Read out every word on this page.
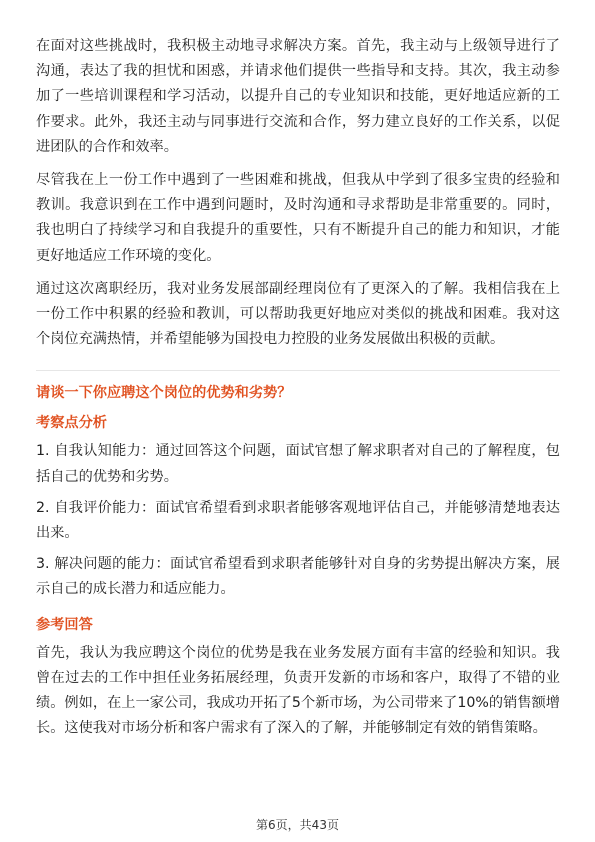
在面对这些挑战时，我积极主动地寻求解决方案。首先，我主动与上级领导进行了沟通，表达了我的担忧和困惑，并请求他们提供一些指导和支持。其次，我主动参加了一些培训课程和学习活动，以提升自己的专业知识和技能，更好地适应新的工作要求。此外，我还主动与同事进行交流和合作，努力建立良好的工作关系，以促进团队的合作和效率。

尽管我在上一份工作中遇到了一些困难和挑战，但我从中学到了很多宝贵的经验和教训。我意识到在工作中遇到问题时，及时沟通和寻求帮助是非常重要的。同时，我也明白了持续学习和自我提升的重要性，只有不断提升自己的能力和知识，才能更好地适应工作环境的变化。

通过这次离职经历，我对业务发展部副经理岗位有了更深入的了解。我相信我在上一份工作中积累的经验和教训，可以帮助我更好地应对类似的挑战和困难。我对这个岗位充满热情，并希望能够为国投电力控股的业务发展做出积极的贡献。

请谈一下你应聘这个岗位的优势和劣势？
考察点分析

1. 自我认知能力：通过回答这个问题，面试官想了解求职者对自己的了解程度，包括自己的优势和劣势。

2. 自我评价能力：面试官希望看到求职者能够客观地评估自己，并能够清楚地表达出来。

3. 解决问题的能力：面试官希望看到求职者能够针对自身的劣势提出解决方案，展示自己的成长潜力和适应能力。

参考回答

首先，我认为我应聘这个岗位的优势是我在业务发展方面有丰富的经验和知识。我曾在过去的工作中担任业务拓展经理，负责开发新的市场和客户，取得了不错的业绩。例如，在上一家公司，我成功开拓了5个新市场，为公司带来了10%的销售额增长。这使我对市场分析和客户需求有了深入的了解，并能够制定有效的销售策略。

第6页，共43页
